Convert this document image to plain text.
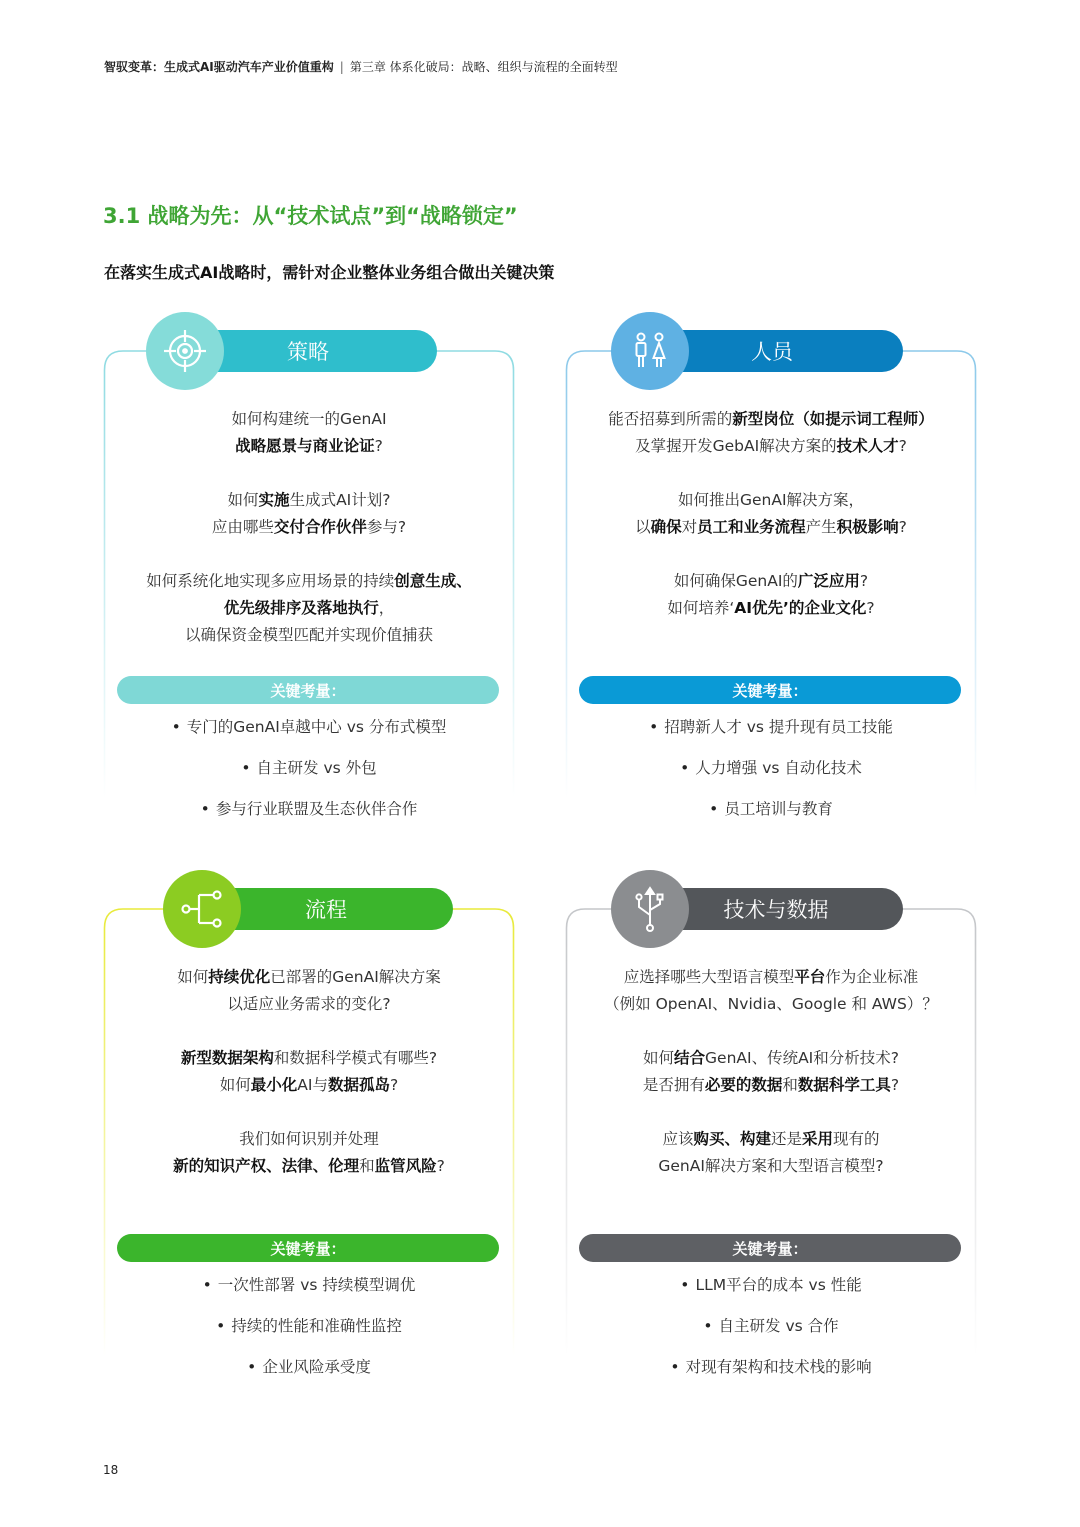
智驭变革：生成式AI驱动汽车产业价值重构 | 第三章 体系化破局：战略、组织与流程的全面转型
3.1 战略为先：从“技术试点”到“战略锁定”
在落实生成式AI战略时，需针对企业整体业务组合做出关键决策
策略
如何构建统一的GenAI
战略愿景与商业论证?
如何实施生成式AI计划?
应由哪些交付合作伙伴参与?
如何系统化地实现多应用场景的持续创意生成、
优先级排序及落地执行，
以确保资金模型匹配并实现价值捕获
关键考量：
• 专门的GenAI卓越中心 vs 分布式模型
• 自主研发 vs 外包
• 参与行业联盟及生态伙伴合作
人员
能否招募到所需的新型岗位（如提示词工程师）
及掌握开发GebAI解决方案的技术人才?
如何推出GenAI解决方案，
以确保对员工和业务流程产生积极影响?
如何确保GenAI的广泛应用?
如何培养‘AI优先’的企业文化?
关键考量：
• 招聘新人才 vs 提升现有员工技能
• 人力增强 vs 自动化技术
• 员工培训与教育
流程
如何持续优化已部署的GenAI解决方案
以适应业务需求的变化?
新型数据架构和数据科学模式有哪些?
如何最小化AI与数据孤岛?
我们如何识别并处理
新的知识产权、法律、伦理和监管风险?
关键考量：
• 一次性部署 vs 持续模型调优
• 持续的性能和准确性监控
• 企业风险承受度
技术与数据
应选择哪些大型语言模型平台作为企业标准
（例如 OpenAI、Nvidia、Google 和 AWS）？
如何结合GenAI、传统AI和分析技术?
是否拥有必要的数据和数据科学工具?
应该购买、构建还是采用现有的
GenAI解决方案和大型语言模型?
关键考量：
• LLM平台的成本 vs 性能
• 自主研发 vs 合作
• 对现有架构和技术栈的影响
18
